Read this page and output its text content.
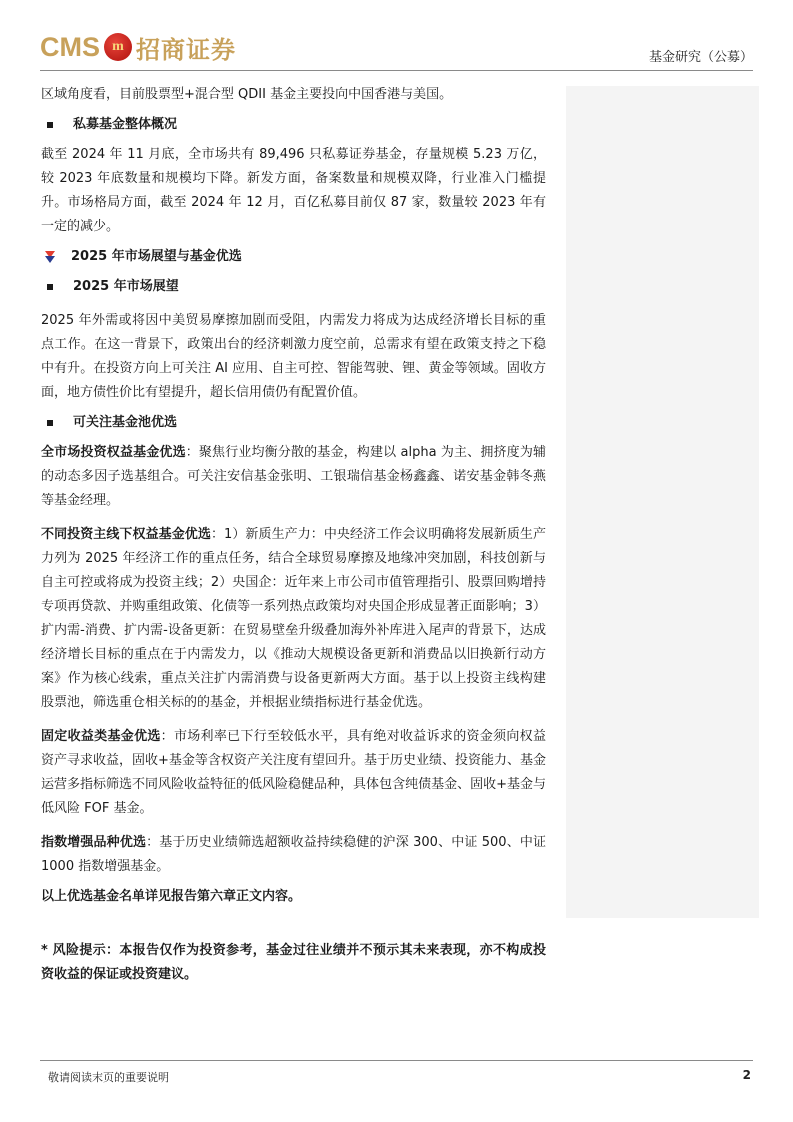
CMS m 招商证券	基金研究（公募）

区域角度看，目前股票型+混合型 QDII 基金主要投向中国香港与美国。

私募基金整体概况

截至 2024 年 11 月底，全市场共有 89,496 只私募证券基金，存量规模 5.23 万亿，较 2023 年底数量和规模均下降。新发方面，备案数量和规模双降，行业准入门槛提升。市场格局方面，截至 2024 年 12 月，百亿私募目前仅 87 家，数量较 2023 年有一定的减少。

2025 年市场展望与基金优选
2025 年市场展望

2025 年外需或将因中美贸易摩擦加剧而受阻，内需发力将成为达成经济增长目标的重点工作。在这一背景下，政策出台的经济刺激力度空前，总需求有望在政策支持之下稳中有升。在投资方向上可关注 AI 应用、自主可控、智能驾驶、锂、黄金等领域。固收方面，地方债性价比有望提升，超长信用债仍有配置价值。

可关注基金池优选

全市场投资权益基金优选：聚焦行业均衡分散的基金，构建以 alpha 为主、拥挤度为辅的动态多因子选基组合。可关注安信基金张明、工银瑞信基金杨鑫鑫、诺安基金韩冬燕等基金经理。

不同投资主线下权益基金优选：1）新质生产力：中央经济工作会议明确将发展新质生产力列为 2025 年经济工作的重点任务，结合全球贸易摩擦及地缘冲突加剧，科技创新与自主可控或将成为投资主线；2）央国企：近年来上市公司市值管理指引、股票回购增持专项再贷款、并购重组政策、化债等一系列热点政策均对央国企形成显著正面影响；3）扩内需-消费、扩内需-设备更新：在贸易壁垒升级叠加海外补库进入尾声的背景下，达成经济增长目标的重点在于内需发力，以《推动大规模设备更新和消费品以旧换新行动方案》作为核心线索，重点关注扩内需消费与设备更新两大方面。基于以上投资主线构建股票池，筛选重仓相关标的的基金，并根据业绩指标进行基金优选。

固定收益类基金优选：市场利率已下行至较低水平，具有绝对收益诉求的资金须向权益资产寻求收益，固收+基金等含权资产关注度有望回升。基于历史业绩、投资能力、基金运营多指标筛选不同风险收益特征的低风险稳健品种，具体包含纯债基金、固收+基金与低风险 FOF 基金。

指数增强品种优选：基于历史业绩筛选超额收益持续稳健的沪深 300、中证 500、中证 1000 指数增强基金。

以上优选基金名单详见报告第六章正文内容。

* 风险提示：本报告仅作为投资参考，基金过往业绩并不预示其未来表现，亦不构成投资收益的保证或投资建议。

敬请阅读末页的重要说明	2
